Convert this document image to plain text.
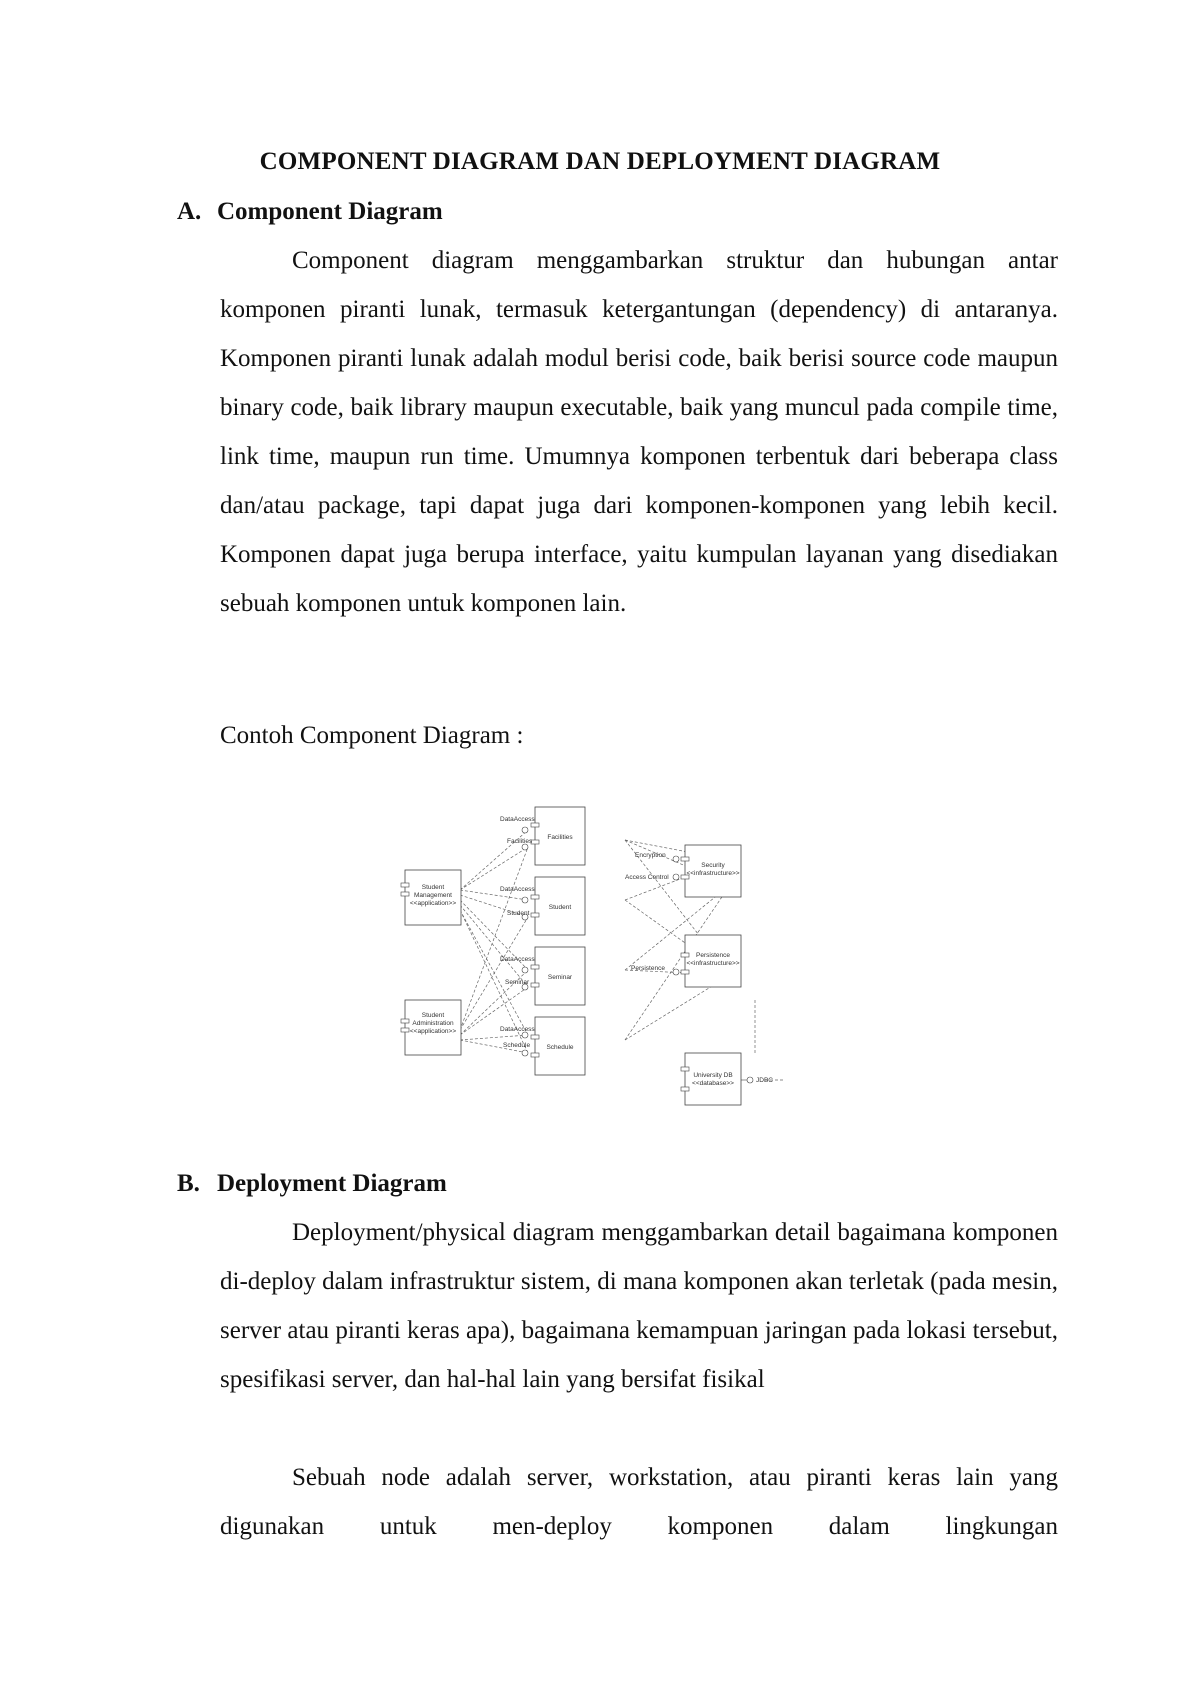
COMPONENT DIAGRAM DAN DEPLOYMENT DIAGRAM
A. Component Diagram

Component diagram menggambarkan struktur dan hubungan antar komponen piranti lunak, termasuk ketergantungan (dependency) di antaranya. Komponen piranti lunak adalah modul berisi code, baik berisi source code maupun binary code, baik library maupun executable, baik yang muncul pada compile time, link time, maupun run time. Umumnya komponen terbentuk dari beberapa class dan/atau package, tapi dapat juga dari komponen-komponen yang lebih kecil. Komponen dapat juga berupa interface, yaitu kumpulan layanan yang disediakan sebuah komponen untuk komponen lain.

Contoh Component Diagram :
Student
Management
<<application>>
Student
Administration
<<application>>
Facilities
DataAccess
Facilities
Student
DataAccess
Student
Seminar
DataAccess
Seminar
Schedule
DataAccess
Schedule
Security
<<infrastructure>>
Encryption
Access Control
Persistence
<<infrastructure>>
Persistence
University DB
<<database>>	JDBC
B. Deployment Diagram

Deployment/physical diagram menggambarkan detail bagaimana komponen di-deploy dalam infrastruktur sistem, di mana komponen akan terletak (pada mesin, server atau piranti keras apa), bagaimana kemampuan jaringan pada lokasi tersebut, spesifikasi server, dan hal-hal lain yang bersifat fisikal

Sebuah node adalah server, workstation, atau piranti keras lain yang digunakan untuk men-deploy komponen dalam lingkungan
